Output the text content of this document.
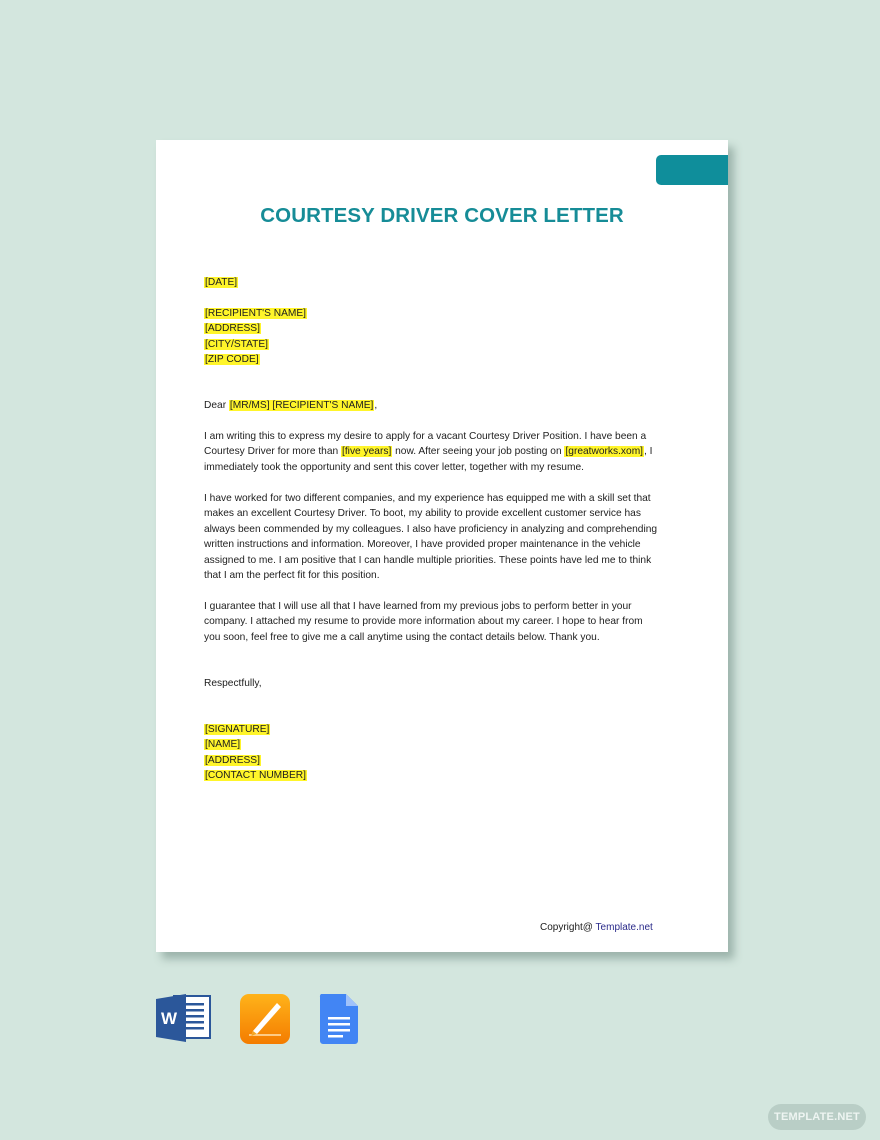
COURTESY DRIVER COVER LETTER
[DATE]
[RECIPIENT'S NAME]
[ADDRESS]
[CITY/STATE]
[ZIP CODE]
Dear [MR/MS] [RECIPIENT'S NAME],
I am writing this to express my desire to apply for a vacant Courtesy Driver Position. I have been a
Courtesy Driver for more than [five years] now. After seeing your job posting on [greatworks.xom], I
immediately took the opportunity and sent this cover letter, together with my resume.
I have worked for two different companies, and my experience has equipped me with a skill set that
makes an excellent Courtesy Driver. To boot, my ability to provide excellent customer service has
always been commended by my colleagues. I also have proficiency in analyzing and comprehending
written instructions and information. Moreover, I have provided proper maintenance in the vehicle
assigned to me. I am positive that I can handle multiple priorities. These points have led me to think
that I am the perfect fit for this position.
I guarantee that I will use all that I have learned from my previous jobs to perform better in your
company. I attached my resume to provide more information about my career. I hope to hear from
you soon, feel free to give me a call anytime using the contact details below. Thank you.
Respectfully,
[SIGNATURE]
[NAME]
[ADDRESS]
[CONTACT NUMBER]
Copyright@ Template.net
W
TEMPLATE.NET
